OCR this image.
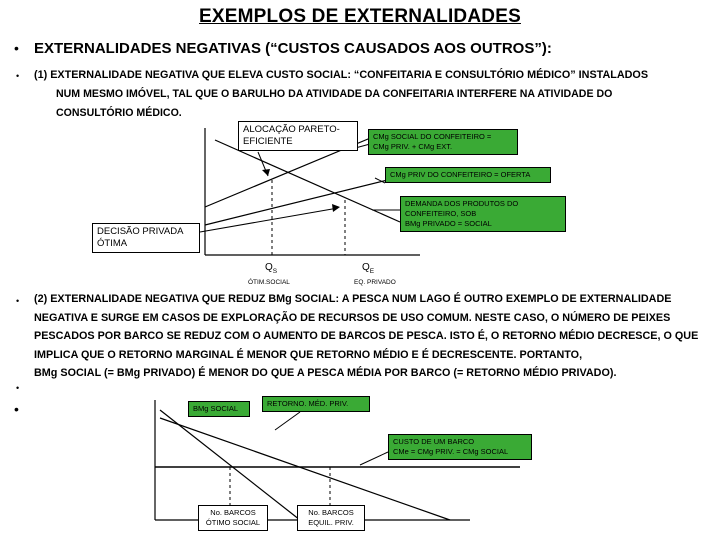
EXEMPLOS DE EXTERNALIDADES
• EXTERNALIDADES NEGATIVAS (“CUSTOS CAUSADOS AOS OUTROS”):
• (1) EXTERNALIDADE NEGATIVA QUE ELEVA CUSTO SOCIAL: “CONFEITARIA E CONSULTÓRIO MÉDICO” INSTALADOS
NUM MESMO IMÓVEL, TAL QUE O BARULHO DA ATIVIDADE DA CONFEITARIA INTERFERE NA ATIVIDADE DO
CONSULTÓRIO MÉDICO.
ALOCAÇÃO PARETO-EFICIENTE	CMg SOCIAL DO CONFEITEIRO =
CMg PRIV. + CMg EXT.
CMg PRIV DO CONFEITEIRO = OFERTA
DEMANDA DOS PRODUTOS DO CONFEITEIRO, SOB
BMg PRIVADO = SOCIAL
DECISÃO PRIVADA ÓTIMA
$Q_S$
ÓTIM.SOCIAL
$Q_E$
EQ. PRIVADO
•
•
•
(2) EXTERNALIDADE NEGATIVA QUE REDUZ BMg SOCIAL: A PESCA NUM LAGO É OUTRO EXEMPLO DE EXTERNALIDADE NEGATIVA E SURGE EM CASOS DE EXPLORAÇÃO DE RECURSOS DE USO COMUM. NESTE CASO, O NÚMERO DE PEIXES PESCADOS POR BARCO SE REDUZ COM O AUMENTO DE BARCOS DE PESCA. ISTO É, O RETORNO MÉDIO DECRESCE, O QUE IMPLICA QUE O RETORNO MARGINAL É MENOR QUE RETORNO MÉDIO E É DECRESCENTE. PORTANTO,
BMg SOCIAL (= BMg PRIVADO) É MENOR DO QUE A PESCA MÉDIA POR BARCO (= RETORNO MÉDIO PRIVADO).
BMg SOCIAL
RETORNO. MÉD. PRIV.
CUSTO DE UM BARCO
CMe = CMg PRIV. = CMg SOCIAL
No. BARCOS
ÓTIMO SOCIAL
No. BARCOS
EQUIL. PRIV.
